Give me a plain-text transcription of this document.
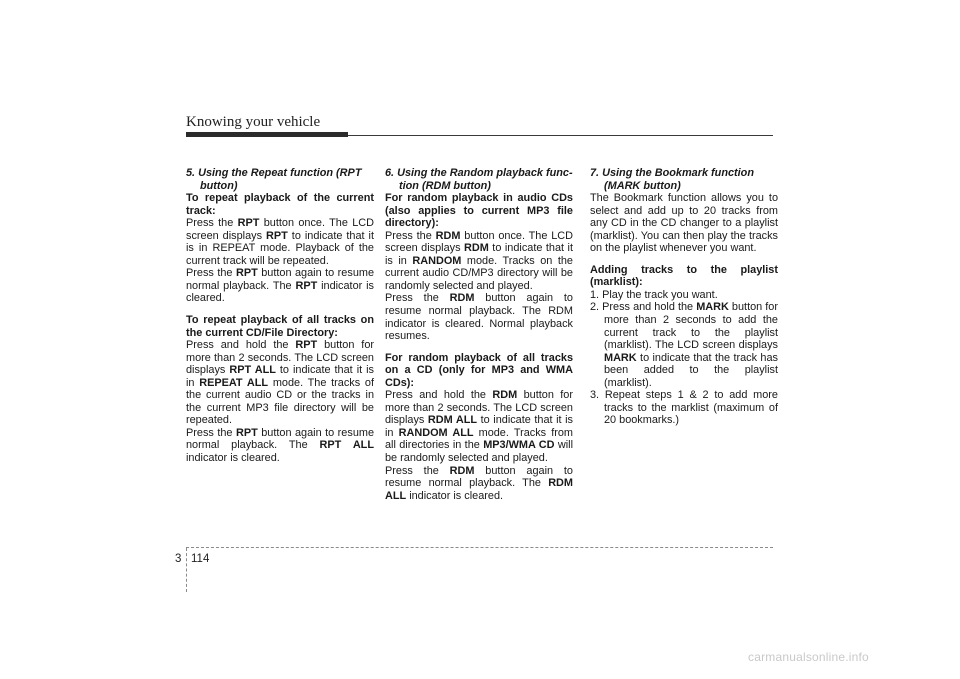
Knowing your vehicle

5. Using the Repeat function (RPT
button)

To repeat playback of the current track:

Press the RPT button once. The LCD screen displays RPT to indicate that it is in REPEAT mode. Playback of the current track will be repeated.

Press the RPT button again to resume normal playback. The RPT indicator is cleared.

To repeat playback of all tracks on the current CD/File Directory:

Press and hold the RPT button for more than 2 seconds. The LCD screen displays RPT ALL to indicate that it is in REPEAT ALL mode. The tracks of the current audio CD or the tracks in the current MP3 file directory will be repeated.

Press the RPT button again to resume normal playback. The RPT ALL indicator is cleared.

6. Using the Random playback func-
tion (RDM button)

For random playback in audio CDs (also applies to current MP3 file directory):

Press the RDM button once. The LCD screen displays RDM to indicate that it is in RANDOM mode. Tracks on the current audio CD/MP3 directory will be randomly selected and played.

Press the RDM button again to resume normal playback. The RDM indicator is cleared. Normal playback resumes.

For random playback of all tracks on a CD (only for MP3 and WMA CDs):

Press and hold the RDM button for more than 2 seconds. The LCD screen displays RDM ALL to indicate that it is in RANDOM ALL mode. Tracks from all directories in the MP3/WMA CD will be randomly selected and played.

Press the RDM button again to resume normal playback. The RDM ALL indicator is cleared.

7. Using the Bookmark function
(MARK button)

The Bookmark function allows you to select and add up to 20 tracks from any CD in the CD changer to a playlist (marklist). You can then play the tracks on the playlist whenever you want.

Adding tracks to the playlist (marklist):

1. Play the track you want.
2. Press and hold the MARK button for more than 2 seconds to add the current track to the playlist (marklist). The LCD screen displays MARK to indicate that the track has been added to the playlist (marklist).
3. Repeat steps 1 & 2 to add more tracks to the marklist (maximum of 20 bookmarks.)
3 114
carmanualsonline.info
